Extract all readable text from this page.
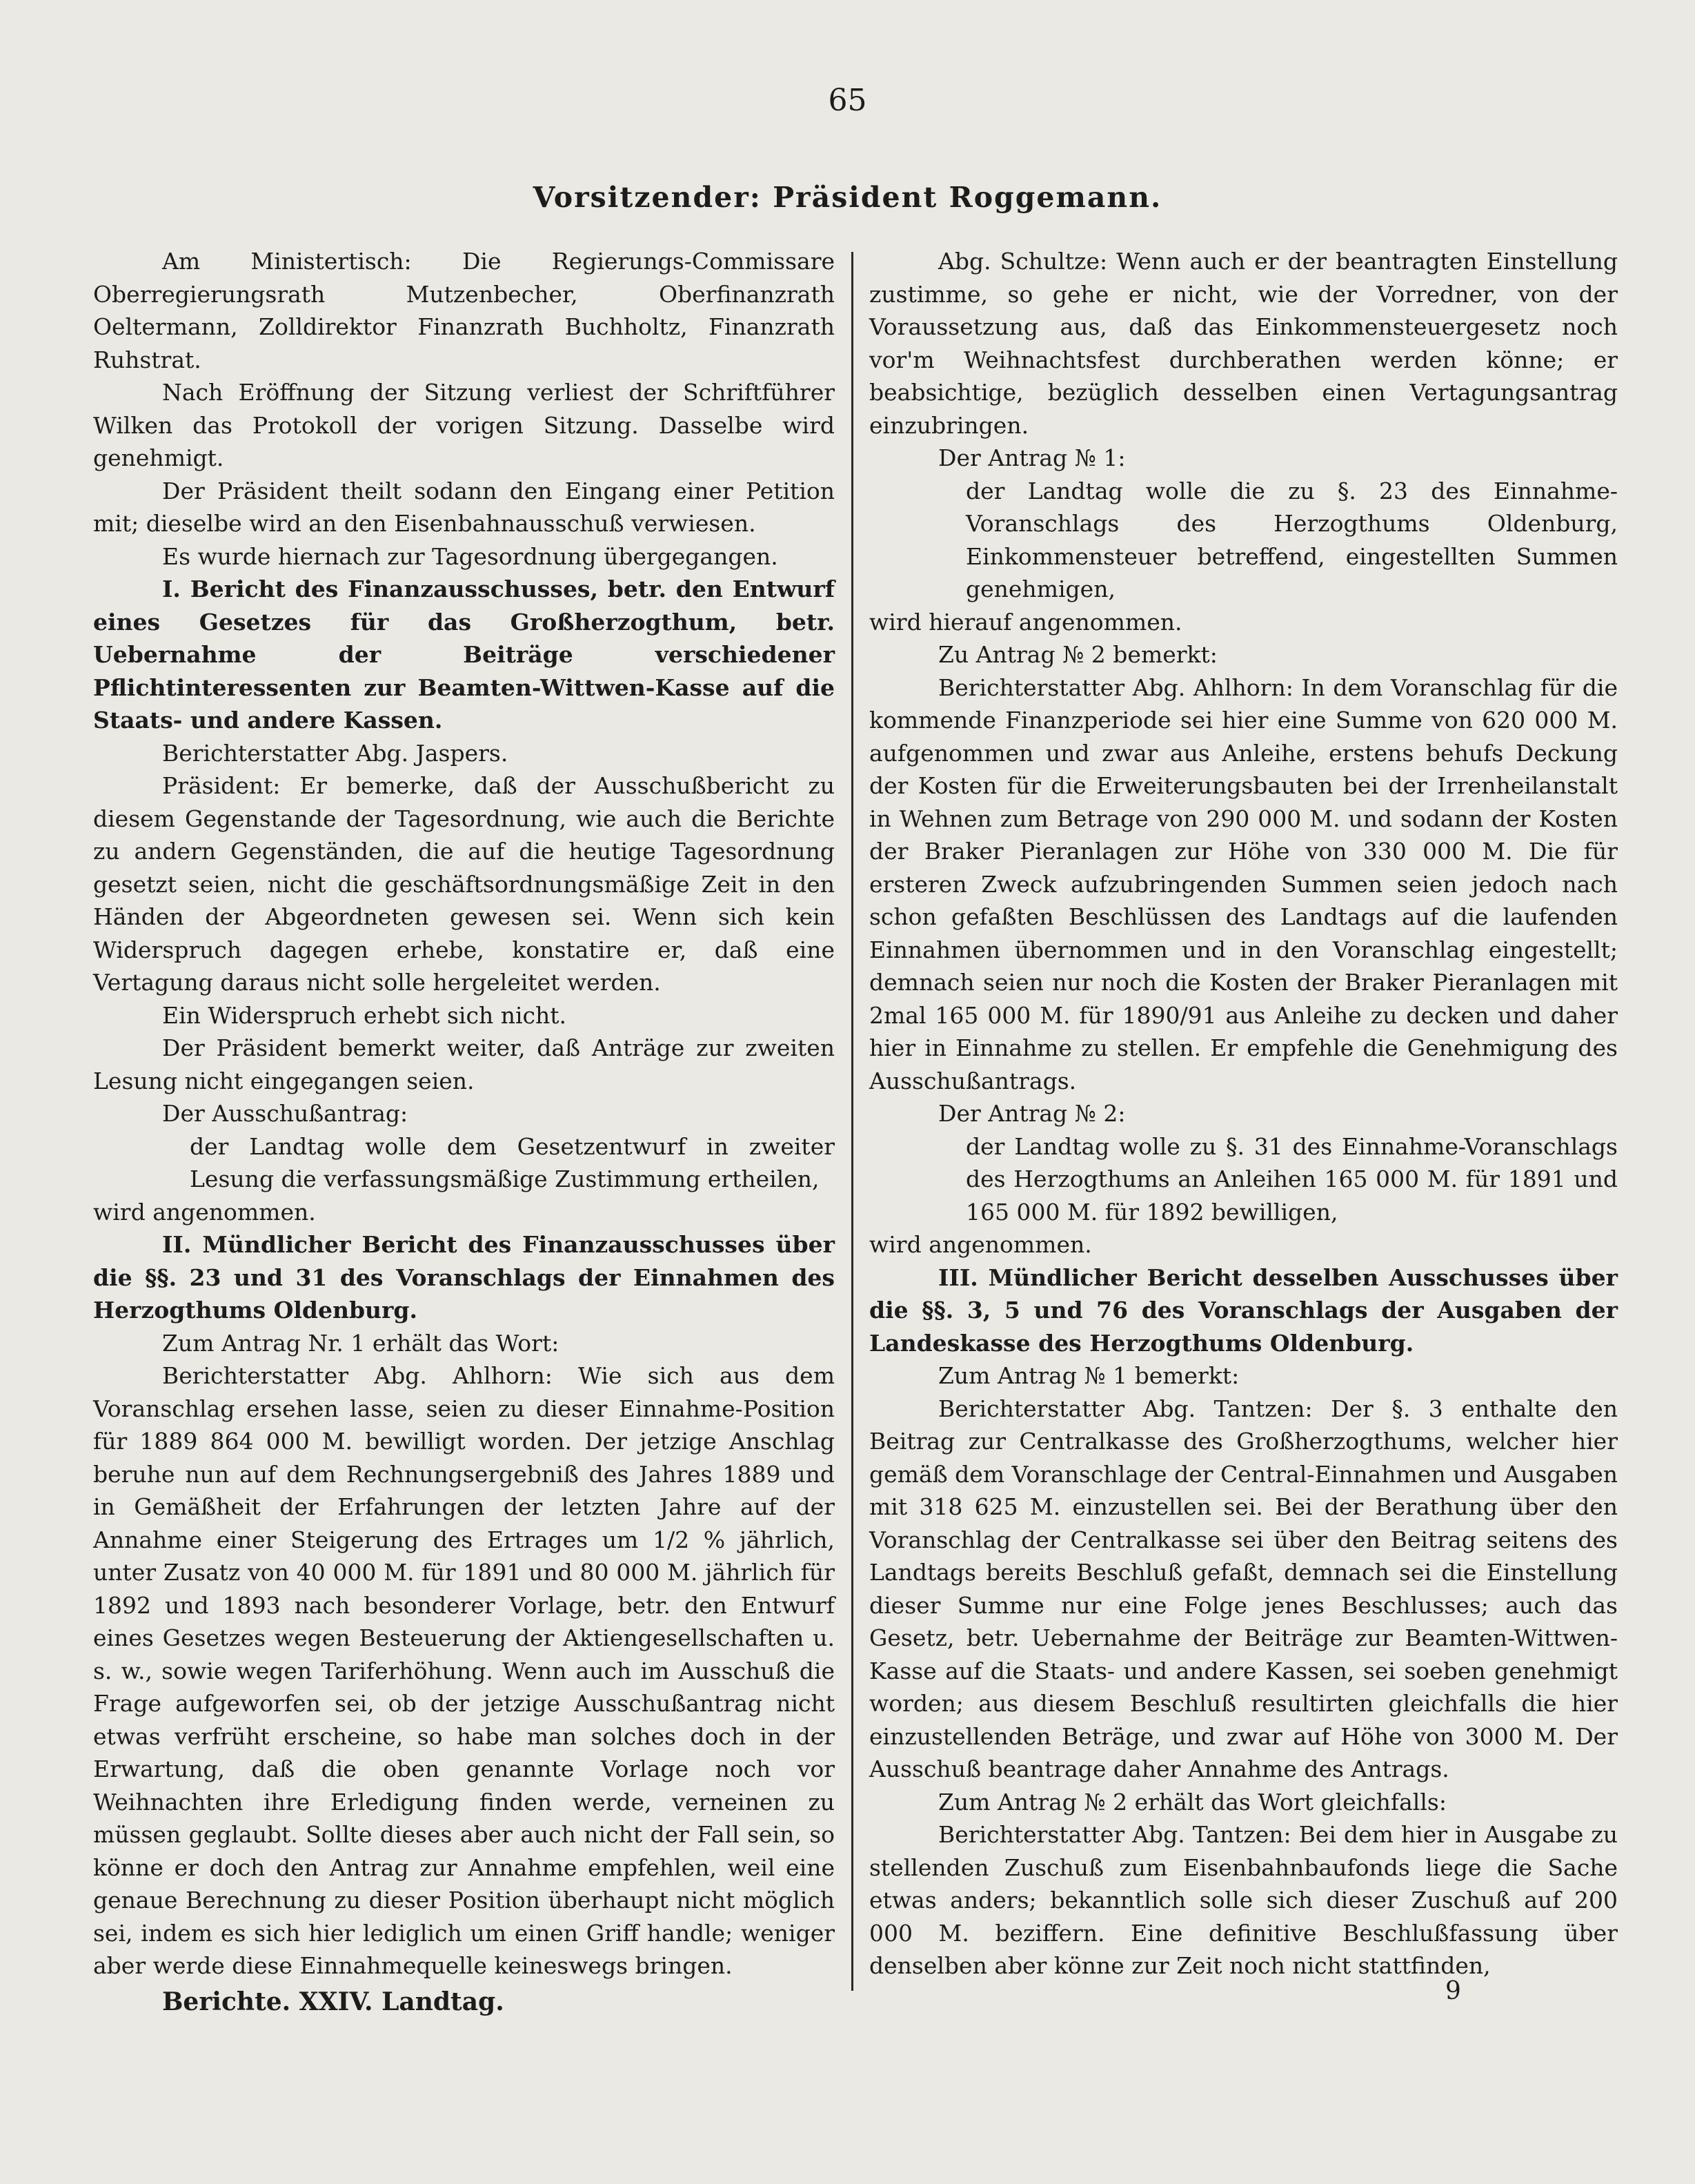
65
Vorsitzender: Präsident Roggemann.

Am Ministertisch: Die Regierungs-Commissare Oberregierungsrath Mutzenbecher, Oberfinanzrath Oeltermann, Zolldirektor Finanzrath Buchholtz, Finanzrath Ruhstrat.

Nach Eröffnung der Sitzung verliest der Schriftführer Wilken das Protokoll der vorigen Sitzung. Dasselbe wird genehmigt.

Der Präsident theilt sodann den Eingang einer Petition mit; dieselbe wird an den Eisenbahnausschuß verwiesen.

Es wurde hiernach zur Tagesordnung übergegangen.

I. Bericht des Finanzausschusses, betr. den Entwurf eines Gesetzes für das Großherzogthum, betr. Uebernahme der Beiträge verschiedener Pflichtinteressenten zur Beamten-Wittwen-Kasse auf die Staats- und andere Kassen.

Berichterstatter Abg. Jaspers.

Präsident: Er bemerke, daß der Ausschußbericht zu diesem Gegenstande der Tagesordnung, wie auch die Berichte zu andern Gegenständen, die auf die heutige Tagesordnung gesetzt seien, nicht die geschäftsordnungsmäßige Zeit in den Händen der Abgeordneten gewesen sei. Wenn sich kein Widerspruch dagegen erhebe, konstatire er, daß eine Vertagung daraus nicht solle hergeleitet werden.

Ein Widerspruch erhebt sich nicht.

Der Präsident bemerkt weiter, daß Anträge zur zweiten Lesung nicht eingegangen seien.

Der Ausschußantrag:

der Landtag wolle dem Gesetzentwurf in zweiter Lesung die verfassungsmäßige Zustimmung ertheilen,

wird angenommen.

II. Mündlicher Bericht des Finanzausschusses über die §§. 23 und 31 des Voranschlags der Einnahmen des Herzogthums Oldenburg.

Zum Antrag Nr. 1 erhält das Wort:

Berichterstatter Abg. Ahlhorn: Wie sich aus dem Voranschlag ersehen lasse, seien zu dieser Einnahme-Position für 1889 864 000 M. bewilligt worden. Der jetzige Anschlag beruhe nun auf dem Rechnungsergebniß des Jahres 1889 und in Gemäßheit der Erfahrungen der letzten Jahre auf der Annahme einer Steigerung des Ertrages um 1/2 % jährlich, unter Zusatz von 40 000 M. für 1891 und 80 000 M. jährlich für 1892 und 1893 nach besonderer Vorlage, betr. den Entwurf eines Gesetzes wegen Besteuerung der Aktiengesellschaften u. s. w., sowie wegen Tariferhöhung. Wenn auch im Ausschuß die Frage aufgeworfen sei, ob der jetzige Ausschußantrag nicht etwas verfrüht erscheine, so habe man solches doch in der Erwartung, daß die oben genannte Vorlage noch vor Weihnachten ihre Erledigung finden werde, verneinen zu müssen geglaubt. Sollte dieses aber auch nicht der Fall sein, so könne er doch den Antrag zur Annahme empfehlen, weil eine genaue Berechnung zu dieser Position überhaupt nicht möglich sei, indem es sich hier lediglich um einen Griff handle; weniger aber werde diese Einnahmequelle keineswegs bringen.

Abg. Schultze: Wenn auch er der beantragten Einstellung zustimme, so gehe er nicht, wie der Vorredner, von der Voraussetzung aus, daß das Einkommensteuergesetz noch vor'm Weihnachtsfest durchberathen werden könne; er beabsichtige, bezüglich desselben einen Vertagungsantrag einzubringen.

Der Antrag № 1:

der Landtag wolle die zu §. 23 des Einnahme-Voranschlags des Herzogthums Oldenburg, Einkommensteuer betreffend, eingestellten Summen genehmigen,

wird hierauf angenommen.

Zu Antrag № 2 bemerkt:

Berichterstatter Abg. Ahlhorn: In dem Voranschlag für die kommende Finanzperiode sei hier eine Summe von 620 000 M. aufgenommen und zwar aus Anleihe, erstens behufs Deckung der Kosten für die Erweiterungsbauten bei der Irrenheilanstalt in Wehnen zum Betrage von 290 000 M. und sodann der Kosten der Braker Pieranlagen zur Höhe von 330 000 M. Die für ersteren Zweck aufzubringenden Summen seien jedoch nach schon gefaßten Beschlüssen des Landtags auf die laufenden Einnahmen übernommen und in den Voranschlag eingestellt; demnach seien nur noch die Kosten der Braker Pieranlagen mit 2mal 165 000 M. für 1890/91 aus Anleihe zu decken und daher hier in Einnahme zu stellen. Er empfehle die Genehmigung des Ausschußantrags.

Der Antrag № 2:

der Landtag wolle zu §. 31 des Einnahme-Voranschlags des Herzogthums an Anleihen 165 000 M. für 1891 und 165 000 M. für 1892 bewilligen,

wird angenommen.

III. Mündlicher Bericht desselben Ausschusses über die §§. 3, 5 und 76 des Voranschlags der Ausgaben der Landeskasse des Herzogthums Oldenburg.

Zum Antrag № 1 bemerkt:

Berichterstatter Abg. Tantzen: Der §. 3 enthalte den Beitrag zur Centralkasse des Großherzogthums, welcher hier gemäß dem Voranschlage der Central-Einnahmen und Ausgaben mit 318 625 M. einzustellen sei. Bei der Berathung über den Voranschlag der Centralkasse sei über den Beitrag seitens des Landtags bereits Beschluß gefaßt, demnach sei die Einstellung dieser Summe nur eine Folge jenes Beschlusses; auch das Gesetz, betr. Uebernahme der Beiträge zur Beamten-Wittwen-Kasse auf die Staats- und andere Kassen, sei soeben genehmigt worden; aus diesem Beschluß resultirten gleichfalls die hier einzustellenden Beträge, und zwar auf Höhe von 3000 M. Der Ausschuß beantrage daher Annahme des Antrags.

Zum Antrag № 2 erhält das Wort gleichfalls:

Berichterstatter Abg. Tantzen: Bei dem hier in Ausgabe zu stellenden Zuschuß zum Eisenbahnbaufonds liege die Sache etwas anders; bekanntlich solle sich dieser Zuschuß auf 200 000 M. beziffern. Eine definitive Beschlußfassung über denselben aber könne zur Zeit noch nicht stattfinden,

Berichte. XXIV. Landtag.	9
